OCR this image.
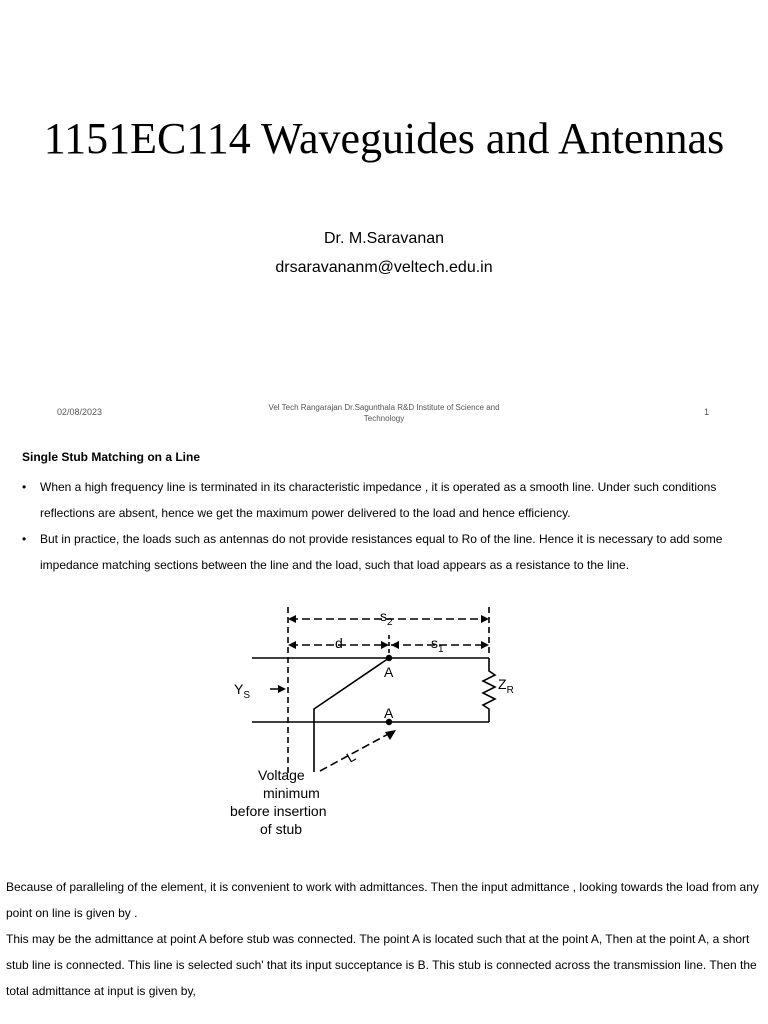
1151EC114 Waveguides and Antennas
Dr. M.Saravanan
drsaravananm@veltech.edu.in
02/08/2023	Vel Tech Rangarajan Dr.Sagunthala R&D Institute of Science and Technology
1
Single Stub Matching on a Line
• When a high frequency line is terminated in its characteristic impedance , it is operated as a smooth line. Under such conditions reflections are absent, hence we get the maximum power delivered to the load and hence efficiency.
• But in practice, the loads such as antennas do not provide resistances equal to Ro of the line. Hence it is necessary to add some impedance matching sections between the line and the load, such that load appears as a resistance to the line.
$s_2$
d	$s_1$
A
A
$Y_S$
$Z_R$
L
Voltage
minimum
before insertion
of stub
Because of paralleling of the element, it is convenient to work with admittances. Then the input admittance , looking towards the load from any point on line is given by .
This may be the admittance at point A before stub was connected. The point A is located such that at the point A, Then at the point A, a short stub line is connected. This line is selected such' that its input succeptance is B. This stub is connected across the transmission line. Then the total admittance at input is given by,
